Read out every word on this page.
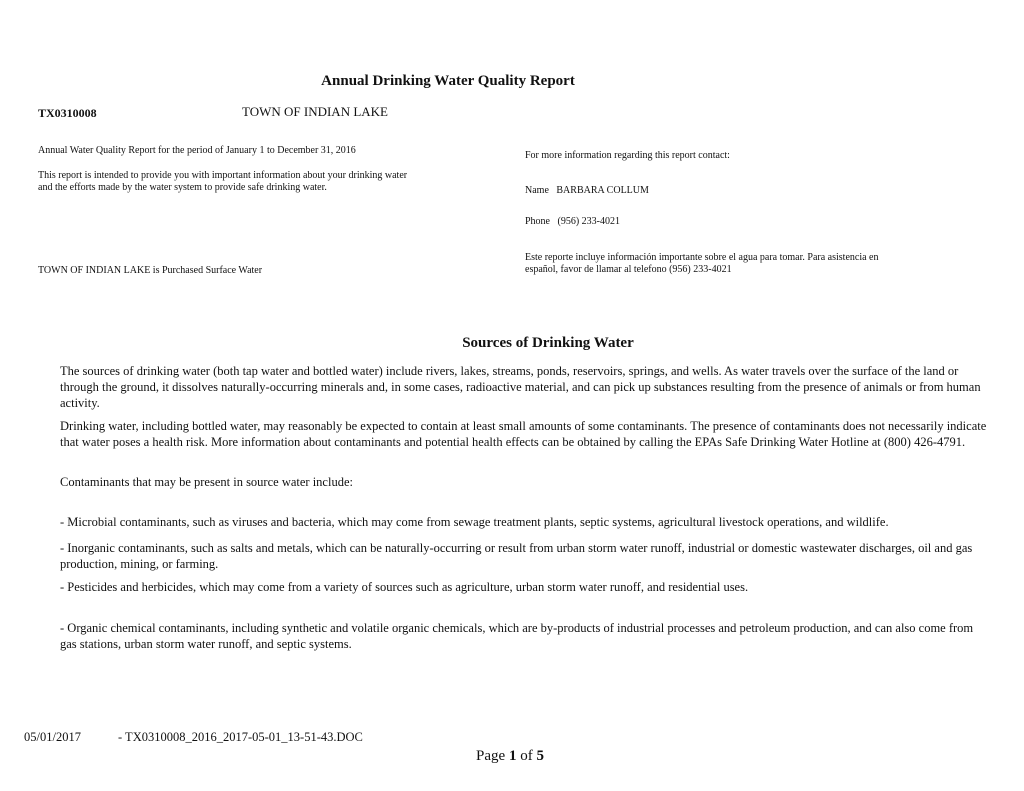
Annual Drinking Water Quality Report
TX0310008	TOWN OF INDIAN LAKE
Annual Water Quality Report for the period of January 1 to December 31, 2016
This report is intended to provide you with important information about your drinking water and the efforts made by the water system to provide safe drinking water.
TOWN OF INDIAN LAKE is Purchased Surface Water
For more information regarding this report contact:
Name BARBARA COLLUM
Phone (956) 233-4021
Este reporte incluye información importante sobre el agua para tomar. Para asistencia en español, favor de llamar al telefono (956) 233-4021
Sources of Drinking Water
The sources of drinking water (both tap water and bottled water) include rivers, lakes, streams, ponds, reservoirs, springs, and wells. As water travels over the surface of the land or through the ground, it dissolves naturally-occurring minerals and, in some cases, radioactive material, and can pick up substances resulting from the presence of animals or from human activity.
Drinking water, including bottled water, may reasonably be expected to contain at least small amounts of some contaminants. The presence of contaminants does not necessarily indicate that water poses a health risk. More information about contaminants and potential health effects can be obtained by calling the EPAs Safe Drinking Water Hotline at (800) 426-4791.
Contaminants that may be present in source water include:
- Microbial contaminants, such as viruses and bacteria, which may come from sewage treatment plants, septic systems, agricultural livestock operations, and wildlife.
- Inorganic contaminants, such as salts and metals, which can be naturally-occurring or result from urban storm water runoff, industrial or domestic wastewater discharges, oil and gas production, mining, or farming.
- Pesticides and herbicides, which may come from a variety of sources such as agriculture, urban storm water runoff, and residential uses.
- Organic chemical contaminants, including synthetic and volatile organic chemicals, which are by-products of industrial processes and petroleum production, and can also come from gas stations, urban storm water runoff, and septic systems.
05/01/2017	- TX0310008_2016_2017-05-01_13-51-43.DOC
Page 1 of 5
